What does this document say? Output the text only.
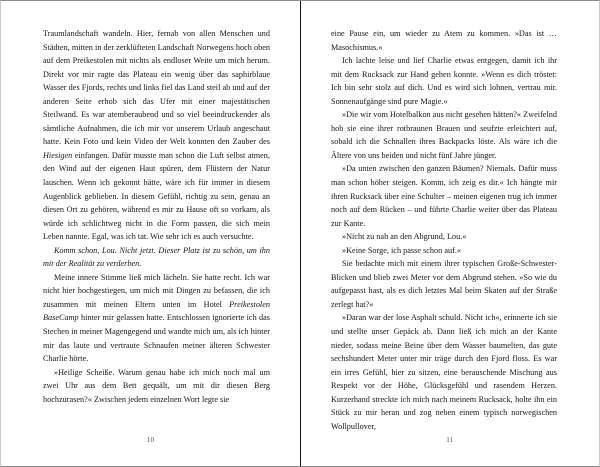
Traumlandschaft wandeln. Hier, fernab von allen Menschen und Städten, mitten in der zerklüfteten Landschaft Norwegens hoch oben auf dem Preikestolen mit nichts als endloser Weite um mich herum. Direkt vor mir ragte das Plateau ein wenig über das saphirblaue Wasser des Fjords, rechts und links fiel das Land steil ab und auf der anderen Seite erhob sich das Ufer mit einer majestätischen Steilwand. Es war atemberaubend und so viel beeindruckender als sämtliche Aufnahmen, die ich mir vor unserem Urlaub angeschaut hatte. Kein Foto und kein Video der Welt konnten den Zauber des Hiesigen einfangen. Dafür musste man schon die Luft selbst atmen, den Wind auf der eigenen Haut spüren, dem Flüstern der Natur lauschen. Wenn ich gekonnt hätte, wäre ich für immer in diesem Augenblick geblieben. In diesem Gefühl, richtig zu sein, genau an diesen Ort zu gehören, während es mir zu Hause oft so vorkam, als würde ich schlichtweg nicht in die Form passen, die sich mein Leben nannte. Egal, was ich tat. Wie sehr ich es auch versuchte.

Komm schon, Lou. Nicht jetzt. Dieser Platz ist zu schön, um ihn mit der Realität zu verderben.

Meine innere Stimme ließ mich lächeln. Sie hatte recht. Ich war nicht hier hochgestiegen, um mich mit Dingen zu befassen, die ich zusammen mit meinen Eltern unten im Hotel Preikestolen BaseCamp hinter mir gelassen hatte. Entschlossen ignorierte ich das Stechen in meiner Magengegend und wandte mich um, als ich hinter mir das laute und vertraute Schnaufen meiner älteren Schwester Charlie hörte.

»Heilige Scheiße. Warum genau habe ich mich noch mal um zwei Uhr aus dem Bett gequält, um mit dir diesen Berg hochzurasen?« Zwischen jedem einzelnen Wort legte sie

10

eine Pause ein, um wieder zu Atem zu kommen. »Das ist … Masochismus.«

Ich lachte leise und lief Charlie etwas entgegen, damit ich ihr mit dem Rucksack zur Hand gehen konnte. »Wenn es dich tröstet: Ich bin sehr stolz auf dich. Und es wird sich lohnen, vertrau mir. Sonnenaufgänge sind pure Magie.«

»Die wir vom Hotelbalkon aus nicht gesehen hätten?« Zweifelnd hob sie eine ihrer rotbraunen Brauen und seufzte erleichtert auf, sobald ich die Schnallen ihres Backpacks löste. Als wäre ich die Ältere von uns beiden und nicht fünf Jahre jünger.

»Da unten zwischen den ganzen Bäumen? Niemals. Dafür muss man schon höher steigen. Komm, ich zeig es dir.« Ich hängte mir ihren Rucksack über eine Schulter – meinen eigenen trug ich immer noch auf dem Rücken – und führte Charlie weiter über das Plateau zur Kante.

»Nicht zu nah an den Abgrund, Lou.«

»Keine Sorge, ich passe schon auf.«

Sie bedachte mich mit einem ihrer typischen Große-Schwester-Blicken und blieb zwei Meter vor dem Abgrund stehen. »So wie du aufgepasst hast, als es dich letztes Mal beim Skaten auf der Straße zerlegt hat?«

»Daran war der lose Asphalt schuld. Nicht ich«, erinnerte ich sie und stellte unser Gepäck ab. Dann ließ ich mich an der Kante nieder, sodass meine Beine über dem Wasser baumelten, das gute sechshundert Meter unter mir träge durch den Fjord floss. Es war ein irres Gefühl, hier zu sitzen, eine berauschende Mischung aus Respekt vor der Höhe, Glücksgefühl und rasendem Herzen. Kurzerhand streckte ich mich nach meinem Rucksack, holte ihn ein Stück zu mir heran und zog neben einem typisch norwegischen Wollpullover,

11
